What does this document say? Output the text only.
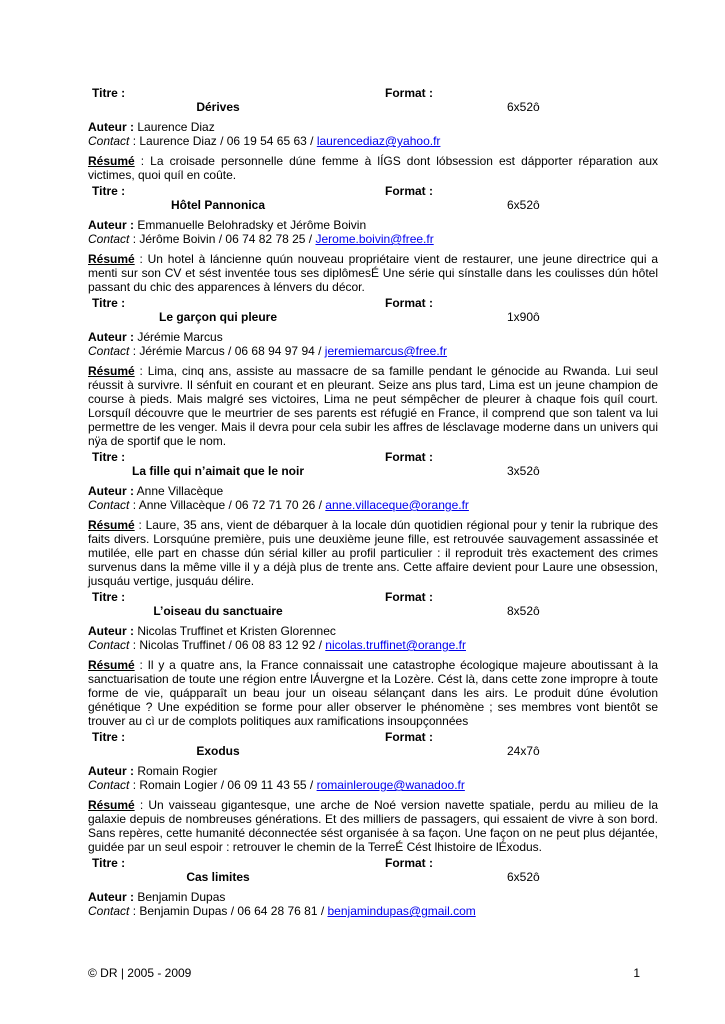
Titre :	Format :
Dérives	6x52ô
Auteur : Laurence Diaz
Contact : Laurence Diaz / 06 19 54 65 63 / laurencediaz@yahoo.fr
Résumé : La croisade personnelle dúne femme à lÍGS dont lóbsession est dápporter réparation aux victimes, quoi quíl en coûte.
Titre :	Format :
Hôtel Pannonica	6x52ô
Auteur : Emmanuelle Belohradsky et Jérôme Boivin
Contact : Jérôme Boivin / 06 74 82 78 25 / Jerome.boivin@free.fr
Résumé : Un hotel à láncienne quún nouveau propriétaire vient de restaurer, une jeune directrice qui a menti sur son CV et sést inventée tous ses diplômesÉ Une série qui sínstalle dans les coulisses dún hôtel passant du chic des apparences à lénvers du décor.
Titre :	Format :
Le garçon qui pleure	1x90ô
Auteur : Jérémie Marcus
Contact : Jérémie Marcus / 06 68 94 97 94 / jeremiemarcus@free.fr
Résumé : Lima, cinq ans, assiste au massacre de sa famille pendant le génocide au Rwanda. Lui seul réussit à survivre. Il sénfuit en courant et en pleurant. Seize ans plus tard, Lima est un jeune champion de course à pieds. Mais malgré ses victoires, Lima ne peut sémpêcher de pleurer à chaque fois quíl court. Lorsquíl découvre que le meurtrier de ses parents est réfugié en France, il comprend que son talent va lui permettre de les venger. Mais il devra pour cela subir les affres de lésclavage moderne dans un univers qui nÿa de sportif que le nom.
Titre :	Format :
La fille qui n’aimait que le noir	3x52ô
Auteur : Anne Villacèque
Contact : Anne Villacèque / 06 72 71 70 26 / anne.villaceque@orange.fr
Résumé : Laure, 35 ans, vient de débarquer à la locale dún quotidien régional pour y tenir la rubrique des faits divers. Lorsquúne première, puis une deuxième jeune fille, est retrouvée sauvagement assassinée et mutilée, elle part en chasse dún sérial killer au profil particulier : il reproduit très exactement des crimes survenus dans la même ville il y a déjà plus de trente ans. Cette affaire devient pour Laure une obsession, jusquáu vertige, jusquáu délire.
Titre :	Format :
L’oiseau du sanctuaire	8x52ô
Auteur : Nicolas Truffinet et Kristen Glorennec
Contact : Nicolas Truffinet / 06 08 83 12 92 / nicolas.truffinet@orange.fr
Résumé : Il y a quatre ans, la France connaissait une catastrophe écologique majeure aboutissant à la sanctuarisation de toute une région entre lÁuvergne et la Lozère. Cést là, dans cette zone impropre à toute forme de vie, quápparaît un beau jour un oiseau sélançant dans les airs. Le produit dúne évolution génétique ? Une expédition se forme pour aller observer le phénomène ; ses membres vont bientôt se trouver au cì ur de complots politiques aux ramifications insoupçonnées
Titre :	Format :
Exodus	24x7ô
Auteur : Romain Rogier
Contact : Romain Logier / 06 09 11 43 55 / romainlerouge@wanadoo.fr
Résumé : Un vaisseau gigantesque, une arche de Noé version navette spatiale, perdu au milieu de la galaxie depuis de nombreuses générations. Et des milliers de passagers, qui essaient de vivre à son bord. Sans repères, cette humanité déconnectée sést organisée à sa façon. Une façon on ne peut plus déjantée, guidée par un seul espoir : retrouver le chemin de la TerreÉ Cést lhistoire de lÉxodus.
Titre :	Format :
Cas limites	6x52ô
Auteur : Benjamin Dupas
Contact : Benjamin Dupas / 06 64 28 76 81 / benjamindupas@gmail.com
© DR | 2005 - 2009	1
